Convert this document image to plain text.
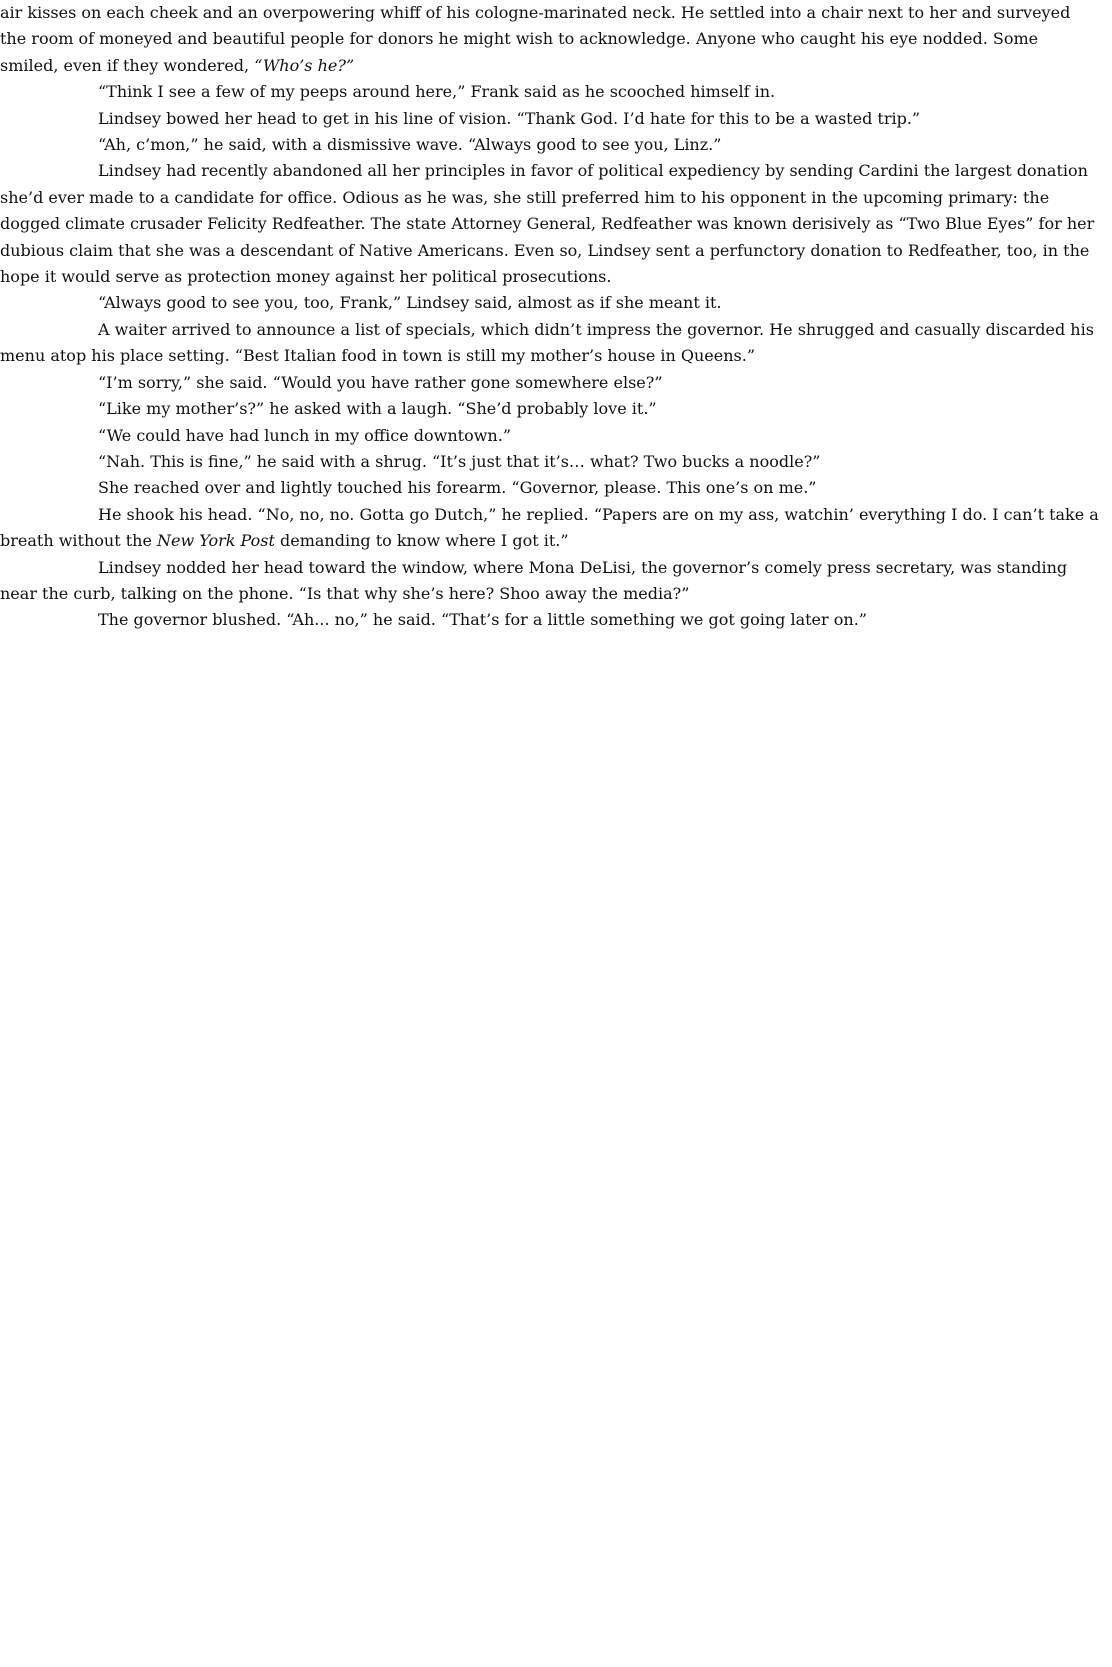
air kisses on each cheek and an overpowering whiff of his cologne-marinated neck. He settled into a chair next to her and surveyed the room of moneyed and beautiful people for donors he might wish to acknowledge. Anyone who caught his eye nodded. Some smiled, even if they wondered, “Who’s he?”

“Think I see a few of my peeps around here,” Frank said as he scooched himself in.

Lindsey bowed her head to get in his line of vision. “Thank God. I’d hate for this to be a wasted trip.”

“Ah, c’mon,” he said, with a dismissive wave. “Always good to see you, Linz.”

Lindsey had recently abandoned all her principles in favor of political expediency by sending Cardini the largest donation she’d ever made to a candidate for office. Odious as he was, she still preferred him to his opponent in the upcoming primary: the dogged climate crusader Felicity Redfeather. The state Attorney General, Redfeather was known derisively as “Two Blue Eyes” for her dubious claim that she was a descendant of Native Americans. Even so, Lindsey sent a perfunctory donation to Redfeather, too, in the hope it would serve as protection money against her political prosecutions.

“Always good to see you, too, Frank,” Lindsey said, almost as if she meant it.

A waiter arrived to announce a list of specials, which didn’t impress the governor. He shrugged and casually discarded his menu atop his place setting. “Best Italian food in town is still my mother’s house in Queens.”

“I’m sorry,” she said. “Would you have rather gone somewhere else?”

“Like my mother’s?” he asked with a laugh. “She’d probably love it.”

“We could have had lunch in my office downtown.”

“Nah. This is fine,” he said with a shrug. “It’s just that it’s… what? Two bucks a noodle?”

She reached over and lightly touched his forearm. “Governor, please. This one’s on me.”

He shook his head. “No, no, no. Gotta go Dutch,” he replied. “Papers are on my ass, watchin’ everything I do. I can’t take a breath without the New York Post demanding to know where I got it.”

Lindsey nodded her head toward the window, where Mona DeLisi, the governor’s comely press secretary, was standing near the curb, talking on the phone. “Is that why she’s here? Shoo away the media?”

The governor blushed. “Ah... no,” he said. “That’s for a little something we got going later on.”
